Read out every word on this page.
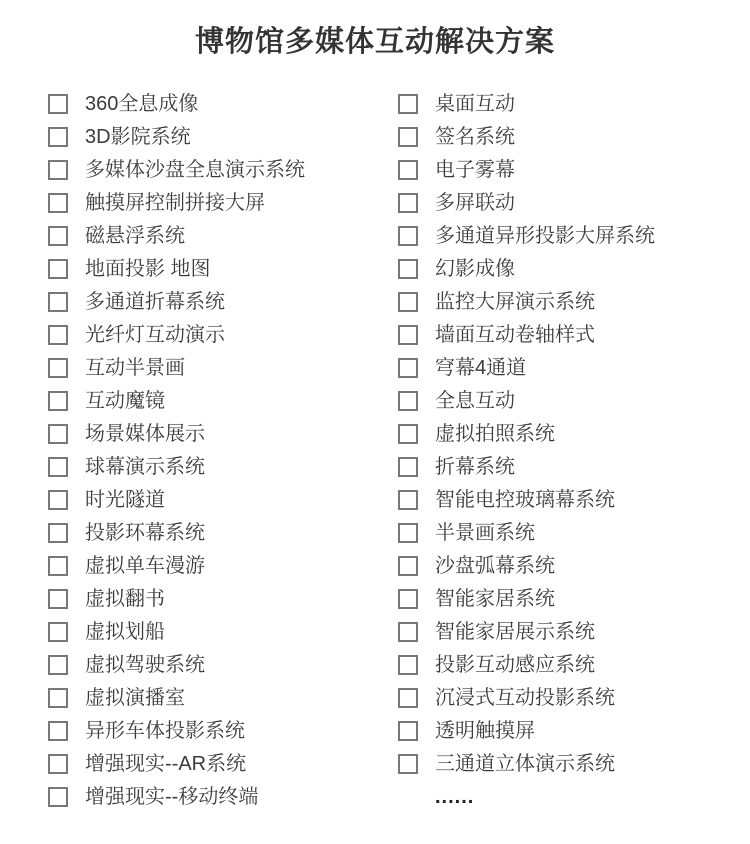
博物馆多媒体互动解决方案
360全息成像
3D影院系统
多媒体沙盘全息演示系统
触摸屏控制拼接大屏
磁悬浮系统
地面投影 地图
多通道折幕系统
光纤灯互动演示
互动半景画
互动魔镜
场景媒体展示
球幕演示系统
时光隧道
投影环幕系统
虚拟单车漫游
虚拟翻书
虚拟划船
虚拟驾驶系统
虚拟演播室
异形车体投影系统
增强现实--AR系统
增强现实--移动终端
桌面互动
签名系统
电子雾幕
多屏联动
多通道异形投影大屏系统
幻影成像
监控大屏演示系统
墙面互动卷轴样式
穹幕4通道
全息互动
虚拟拍照系统
折幕系统
智能电控玻璃幕系统
半景画系统
沙盘弧幕系统
智能家居系统
智能家居展示系统
投影互动感应系统
沉浸式互动投影系统
透明触摸屏
三通道立体演示系统
......
